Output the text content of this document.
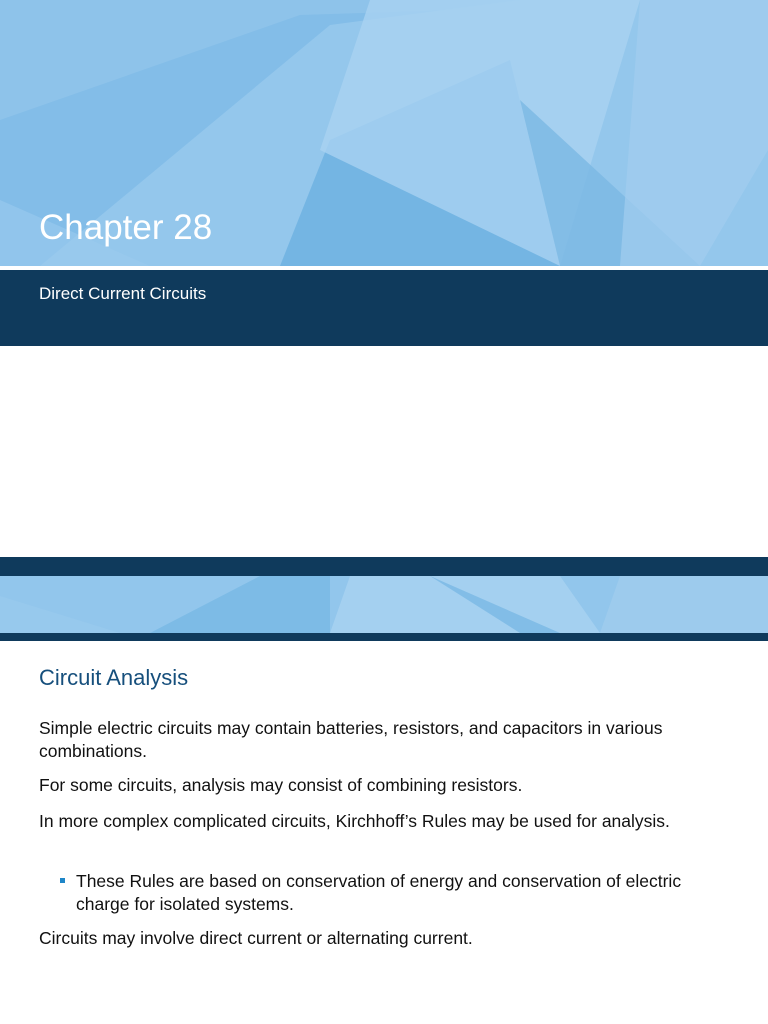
Chapter 28

Direct Current Circuits

Circuit Analysis

Simple electric circuits may contain batteries, resistors, and capacitors in various combinations.

For some circuits, analysis may consist of combining resistors.

In more complex complicated circuits, Kirchhoff’s Rules may be used for analysis.

These Rules are based on conservation of energy and conservation of electric charge for isolated systems.

Circuits may involve direct current or alternating current.
